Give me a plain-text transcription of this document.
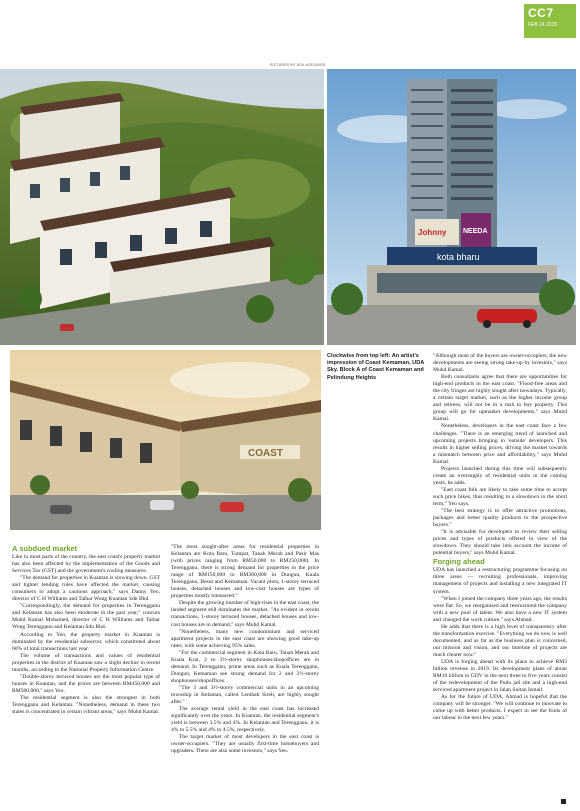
CC7
FEB 24 2015
PICTURES BY UDA HOLDINGS
Johnny NEEDA
kota bharu
COAST
Clockwise from top left: An artist's impression of Coast Kemaman, UDA Sky. Block A of Coast Kemaman and Pelindung Heights
A subdued market

Like in most parts of the country, the east coast's property market has also been affected by the implementation of the Goods and Services Tax (GST) and the government's cooling measures.

"The demand for properties in Kuantan is slowing down. GST and tighter lending rules have affected the market, causing consumers to adopt a cautious approach," says Danny Yeo, director of C H Williams and Talhar Wong Kuantan Sdn Bhd.

"Correspondingly, the demand for properties in Terengganu and Kelantan has also been moderate in the past year," concurs Muhd Kamal Mohamed, director of C H Williams and Talhar Wong Terengganu and Kelantan Sdn Bhd.

According to Yeo, the property market in Kuantan is dominated by the residential subsector, which constituted about 60% of total transactions last year.

The volume of transactions and values of residential properties in the district of Kuantan saw a slight decline in recent months, according to the National Property Information Centre.

"Double-storey terraced houses are the most popular type of houses in Kuantan, and the prices are between RM450,000 and RM500,000," says Yeo.

The residential segment is also the strongest in both Terengganu and Kelantan. "Nonetheless, demand in these two states is concentrated in certain vibrant areas," says Muhd Kamal.

"The most sought-after areas for residential properties in Kelantan are Kota Baru, Tumpat, Tanah Merah and Pasir Mas (with prices ranging from RM50,000 to RM250,000). In Terengganu, there is strong demand for properties in the price range of RM150,000 to RM300,000 in Dungun, Kuala Terengganu, Besut and Kemaman. Vacant plots, 1-storey terraced houses, detached houses and low-cost houses are types of properties mostly transacted."

Despite the growing number of high-rises in the east coast, the landed segment still dominates the market. "As evident in recent transactions, 1-storey terraced houses, detached houses and low-cost houses are in demand," says Muhd Kamal.

"Nonetheless, many new condominium and serviced apartment projects in the east coast are showing good take-up rates, with some achieving 95% sales.

"For the commercial segment in Kota Baru, Tanah Merah and Kuala Krai, 2 to 3½-storey shophouses/shopoffices are in demand. In Terengganu, prime areas such as Kuala Terengganu, Dungun, Kemaman see strong demand for 2 and 2½-storey shophouses/shopoffices.

"The 3 and 3½-storey commercial units in an upcoming township in Kelantan, called Lembah Sireh, are highly sought after."

The average rental yield in the east coast has increased significantly over the years. In Kuantan, the residential segment's yield is between 3.5% and 4%. In Kelantan and Terengganu, it is 4% to 5.5% and 4% to 4.5%, respectively.

The target market of most developers in the east coast is owner-occupiers. "They are usually first-time homebuyers and upgraders. There are also some investors," says Yeo.

"Although most of the buyers are owner-occupiers, the new developments are seeing strong take-up by investors," says Muhd Kamal.

Both consultants agree that there are opportunities for high-end products in the east coast. "Flood-free areas and the city fringes are highly sought after nowadays. Typically, a certain target market, such as the higher income group and retirees, will not be in a rush to buy property. This group will go for upmarket developments," says Muhd Kamal.

Nonetheless, developers in the east coast face a few challenges. "There is an emerging trend of launched and upcoming projects bringing in 'outside' developers. This results in higher selling prices, driving the market towards a mismatch between price and affordability," says Muhd Kamal.

Projects launched during this time will subsequently create an oversupply of residential units in the coming years, he adds.

"East coast folk are likely to take some time to accept such price hikes, thus resulting in a slowdown in the short term," Yeo says.

"The best strategy is to offer attractive promotions, packages and better quality products to the prospective buyers."

"It is advisable for developers to review their selling prices and types of products offered in view of the slowdown. They should take into account the income of potential buyers," says Muhd Kamal.

Forging ahead

UDA has launched a restructuring programme focusing on three areas — recruiting professionals, improving management of projects and installing a new integrated IT system.

"When I joined the company three years ago, the results were flat. So, we reorganised and restructured the company with a new pool of talent. We also have a new IT system and changed the work culture," says Ahmad.

He adds that there is a high level of transparency after the transformation exercise. "Everything we do now is well documented, and as far as the business plan is concerned, our mission and vision, and our timeline of projects are much clearer now."

UDA is forging ahead with its plans to achieve RM3 billion revenue in 2019. Its development plans of about RM10 billion in GDV in the next three to five years consist of the redevelopment of the Pudu jail site and a high-end serviced apartment project in Jalan Sultan Ismail.

As for the future of UDA, Ahmad is hopeful that the company will be stronger. "We will continue to innovate to come up with better products. I expect to see the fruits of our labour in the next few years."
